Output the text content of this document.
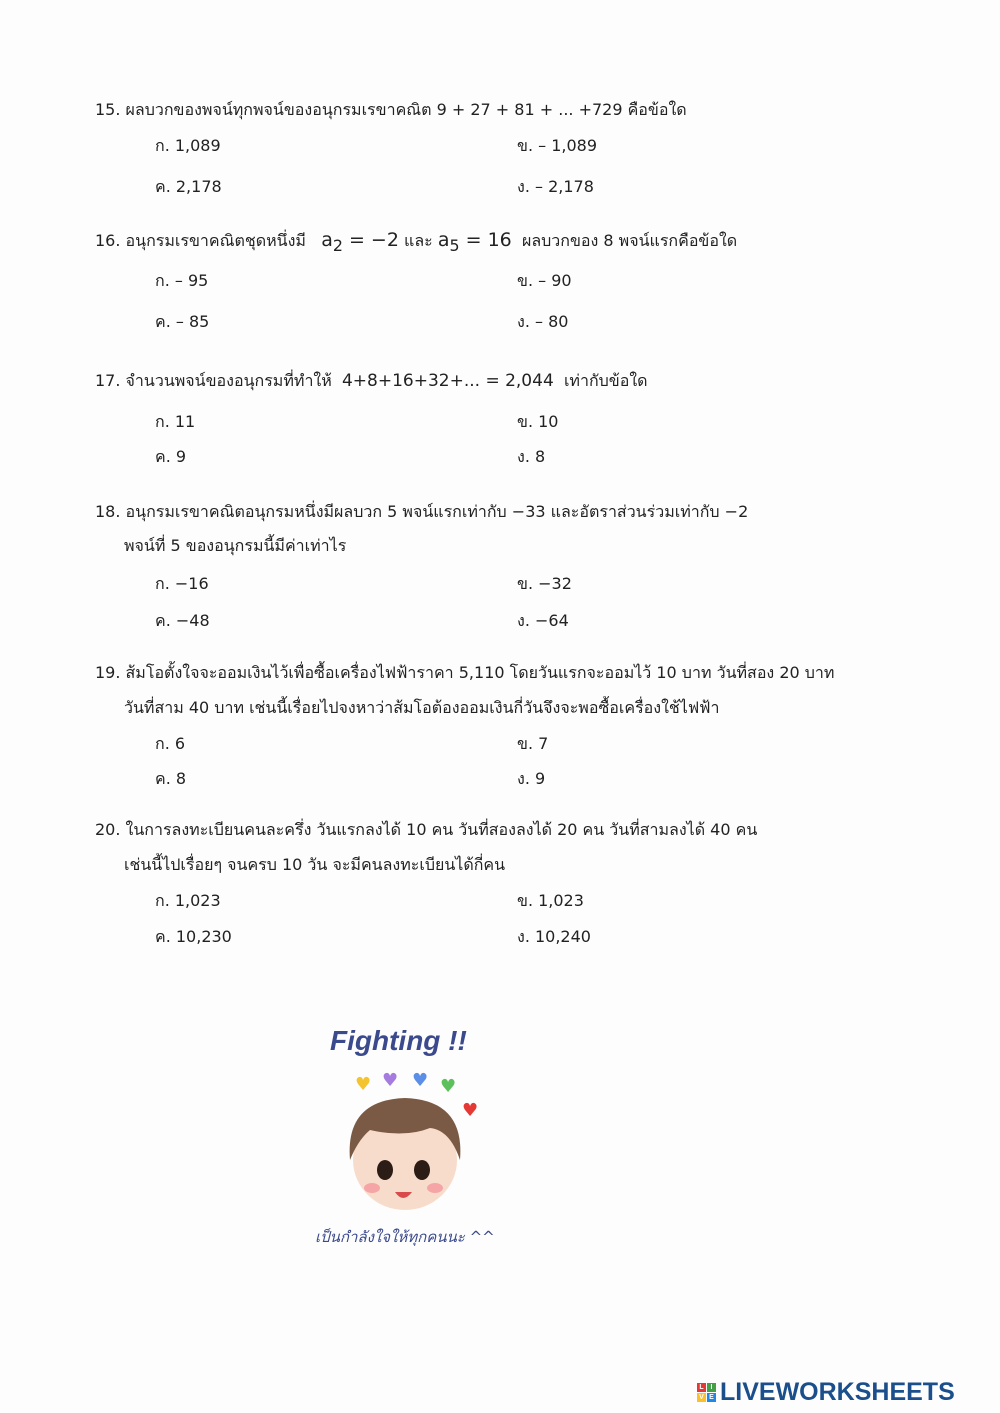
15. ผลบวกของพจน์ทุกพจน์ของอนุกรมเรขาคณิต 9 + 27 + 81 + ... +729 คือข้อใด
ก. 1,089	ข. – 1,089
ค. 2,178	ง. – 2,178
16. อนุกรมเรขาคณิตชุดหนึ่งมี $a_2 = -2$ และ $a_5 = 16$ ผลบวกของ 8 พจน์แรกคือข้อใด
ก. – 95	ข. – 90
ค. – 85	ง. – 80
17. จำนวนพจน์ของอนุกรมที่ทำให้ 4+8+16+32+... = 2,044 เท่ากับข้อใด
ก. 11	ข. 10
ค. 9	ง. 8
18. อนุกรมเรขาคณิตอนุกรมหนึ่งมีผลบวก 5 พจน์แรกเท่ากับ −33 และอัตราส่วนร่วมเท่ากับ −2
พจน์ที่ 5 ของอนุกรมนี้มีค่าเท่าไร
ก. −16	ข. −32
ค. −48	ง. −64
19. ส้มโอตั้งใจจะออมเงินไว้เพื่อซื้อเครื่องไฟฟ้าราคา 5,110 โดยวันแรกจะออมไว้ 10 บาท วันที่สอง 20 บาท
วันที่สาม 40 บาท เช่นนี้เรื่อยไปจงหาว่าส้มโอต้องออมเงินกี่วันจึงจะพอซื้อเครื่องใช้ไฟฟ้า
ก. 6	ข. 7
ค. 8	ง. 9
20. ในการลงทะเบียนคนละครึ่ง วันแรกลงได้ 10 คน วันที่สองลงได้ 20 คน วันที่สามลงได้ 40 คน
เช่นนี้ไปเรื่อยๆ จนครบ 10 วัน จะมีคนลงทะเบียนได้กี่คน
ก. 1,023	ข. 1,023
ค. 10,230	ง. 10,240
Fighting !!
♥ ♥ ♥ ♥
♥
เป็นกำลังใจให้ทุกคนนะ ^^
L I
V E LIVEWORKSHEETS
